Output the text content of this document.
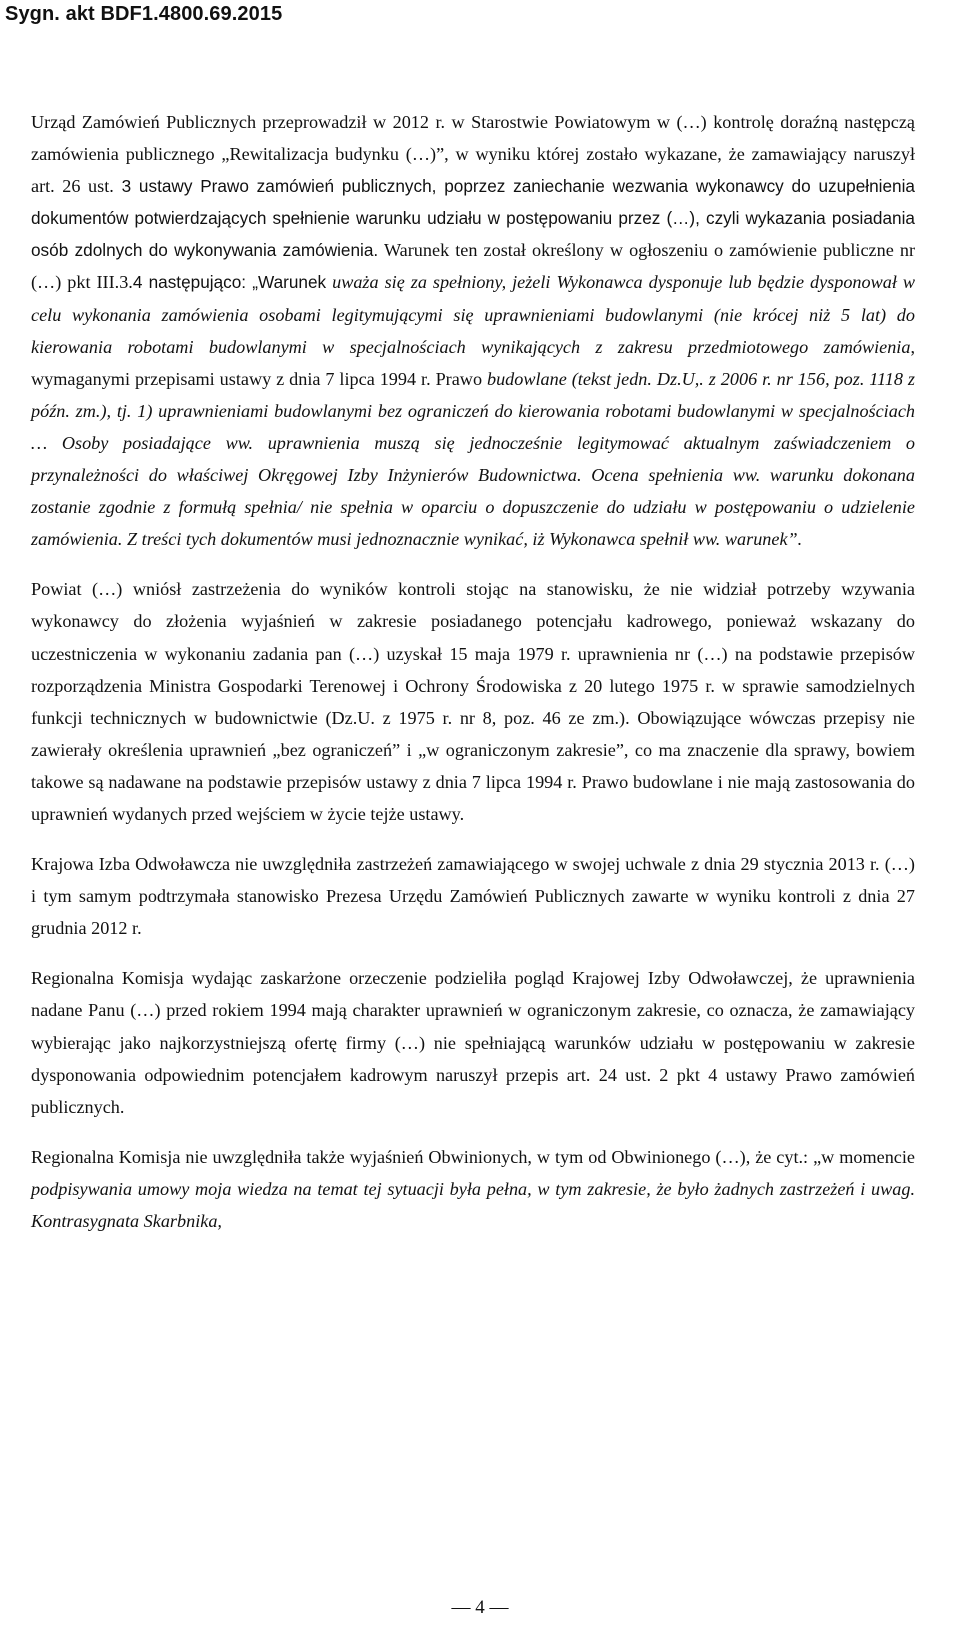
Sygn. akt BDF1.4800.69.2015

Urząd Zamówień Publicznych przeprowadził w 2012 r. w Starostwie Powiatowym w (…) kontrolę doraźną następczą zamówienia publicznego „Rewitalizacja budynku (…)”, w wyniku której zostało wykazane, że zamawiający naruszył art. 26 ust. 3 ustawy Prawo zamówień publicznych, poprzez zaniechanie wezwania wykonawcy do uzupełnienia dokumentów potwierdzających spełnienie warunku udziału w postępowaniu przez (…), czyli wykazania posiadania osób zdolnych do wykonywania zamówienia. Warunek ten został określony w ogłoszeniu o zamówienie publiczne nr (…) pkt III.3.4 następująco: „Warunek uważa się za spełniony, jeżeli Wykonawca dysponuje lub będzie dysponował w celu wykonania zamówienia osobami legitymującymi się uprawnieniami budowlanymi (nie krócej niż 5 lat) do kierowania robotami budowlanymi w specjalnościach wynikających z zakresu przedmiotowego zamówienia, wymaganymi przepisami ustawy z dnia 7 lipca 1994 r. Prawo budowlane (tekst jedn. Dz.U,. z 2006 r. nr 156, poz. 1118 z późn. zm.), tj. 1) uprawnieniami budowlanymi bez ograniczeń do kierowania robotami budowlanymi w specjalnościach … Osoby posiadające ww. uprawnienia muszą się jednocześnie legitymować aktualnym zaświadczeniem o przynależności do właściwej Okręgowej Izby Inżynierów Budownictwa. Ocena spełnienia ww. warunku dokonana zostanie zgodnie z formułą spełnia/ nie spełnia w oparciu o dopuszczenie do udziału w postępowaniu o udzielenie zamówienia. Z treści tych dokumentów musi jednoznacznie wynikać, iż Wykonawca spełnił ww. warunek”.

Powiat (…) wniósł zastrzeżenia do wyników kontroli stojąc na stanowisku, że nie widział potrzeby wzywania wykonawcy do złożenia wyjaśnień w zakresie posiadanego potencjału kadrowego, ponieważ wskazany do uczestniczenia w wykonaniu zadania pan (…) uzyskał 15 maja 1979 r. uprawnienia nr (…) na podstawie przepisów rozporządzenia Ministra Gospodarki Terenowej i Ochrony Środowiska z 20 lutego 1975 r. w sprawie samodzielnych funkcji technicznych w budownictwie (Dz.U. z 1975 r. nr 8, poz. 46 ze zm.). Obowiązujące wówczas przepisy nie zawierały określenia uprawnień „bez ograniczeń” i „w ograniczonym zakresie”, co ma znaczenie dla sprawy, bowiem takowe są nadawane na podstawie przepisów ustawy z dnia 7 lipca 1994 r. Prawo budowlane i nie mają zastosowania do uprawnień wydanych przed wejściem w życie tejże ustawy.

Krajowa Izba Odwoławcza nie uwzględniła zastrzeżeń zamawiającego w swojej uchwale z dnia 29 stycznia 2013 r. (…) i tym samym podtrzymała stanowisko Prezesa Urzędu Zamówień Publicznych zawarte w wyniku kontroli z dnia 27 grudnia 2012 r.

Regionalna Komisja wydając zaskarżone orzeczenie podzieliła pogląd Krajowej Izby Odwoławczej, że uprawnienia nadane Panu (…) przed rokiem 1994 mają charakter uprawnień w ograniczonym zakresie, co oznacza, że zamawiający wybierając jako najkorzystniejszą ofertę firmy (…) nie spełniającą warunków udziału w postępowaniu w zakresie dysponowania odpowiednim potencjałem kadrowym naruszył przepis art. 24 ust. 2 pkt 4 ustawy Prawo zamówień publicznych.

Regionalna Komisja nie uwzględniła także wyjaśnień Obwinionych, w tym od Obwinionego (…), że cyt.: „w momencie podpisywania umowy moja wiedza na temat tej sytuacji była pełna, w tym zakresie, że było żadnych zastrzeżeń i uwag. Kontrasygnata Skarbnika,

— 4 —
